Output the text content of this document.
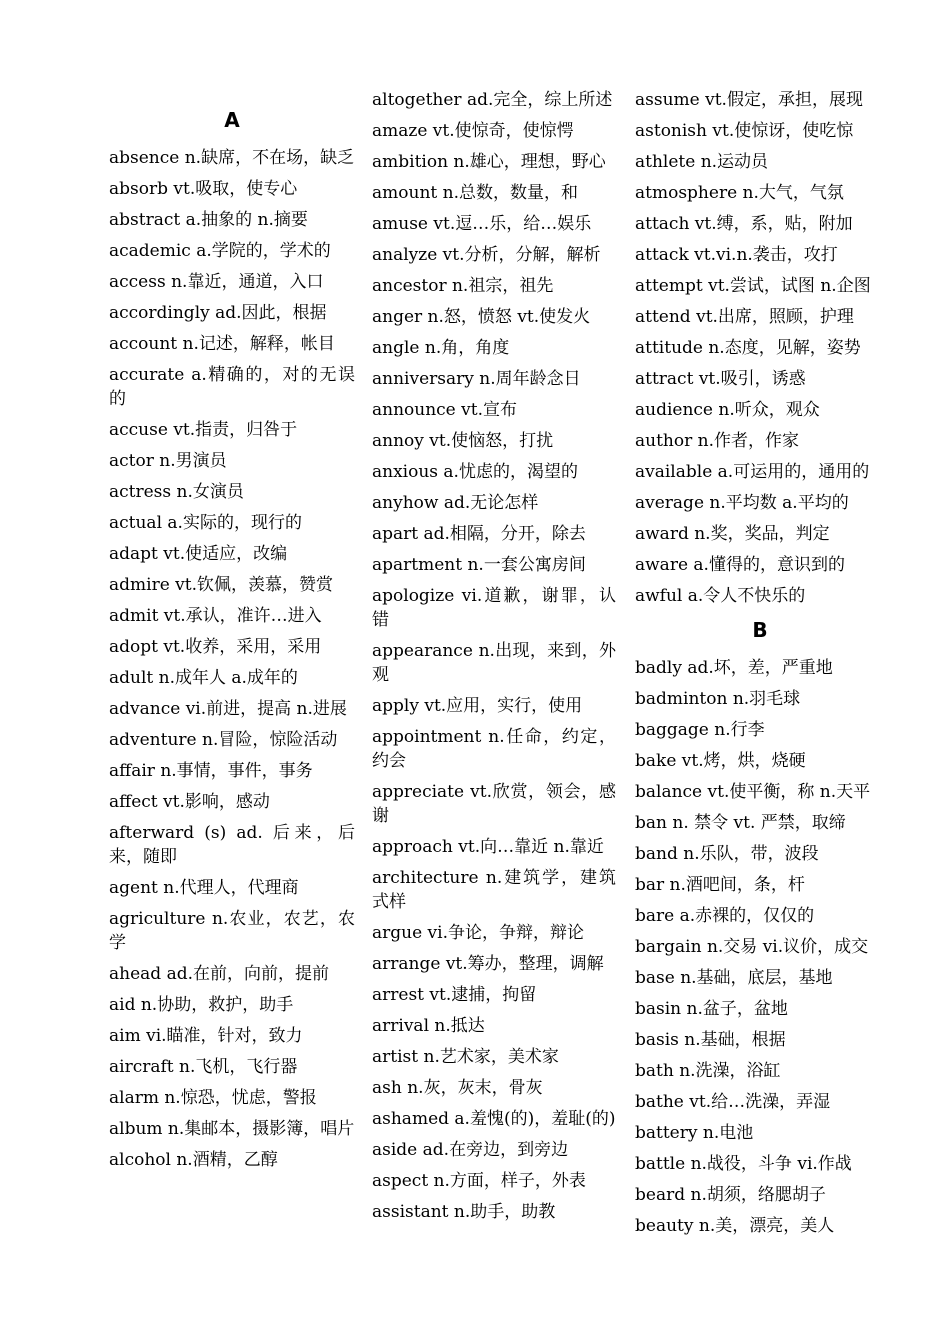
A
absence n.缺席，不在场，缺乏
absorb vt.吸取，使专心
abstract a.抽象的 n.摘要
academic a.学院的，学术的
access n.靠近，通道，入口
accordingly ad.因此，根据
account n.记述，解释，帐目
accurate a.精确的，对的无误的
accuse vt.指责，归咎于
actor n.男演员
actress n.女演员
actual a.实际的，现行的
adapt vt.使适应，改编
admire vt.钦佩，羡慕，赞赏
admit vt.承认，准许…进入
adopt vt.收养，采用，采用
adult n.成年人 a.成年的
advance vi.前进，提高 n.进展
adventure n.冒险，惊险活动
affair n.事情，事件，事务
affect vt.影响，感动
afterward (s) ad. 后来，后来，随即
agent n.代理人，代理商
agriculture n.农业，农艺，农学
ahead ad.在前，向前，提前
aid n.协助，救护，助手
aim vi.瞄准，针对，致力
aircraft n.飞机，飞行器
alarm n.惊恐，忧虑，警报
album n.集邮本，摄影簿，唱片
alcohol n.酒精，乙醇
altogether ad.完全，综上所述
amaze vt.使惊奇，使惊愕
ambition n.雄心，理想，野心
amount n.总数，数量，和
amuse vt.逗…乐，给…娱乐
analyze vt.分析，分解，解析
ancestor n.祖宗，祖先
anger n.怒，愤怒 vt.使发火
angle n.角，角度
anniversary n.周年龄念日
announce vt.宣布
annoy vt.使恼怒，打扰
anxious a.忧虑的，渴望的
anyhow ad.无论怎样
apart ad.相隔，分开，除去
apartment n.一套公寓房间
apologize vi.道歉，谢罪，认错
appearance n.出现，来到，外观
apply vt.应用，实行，使用
appointment n.任命，约定，约会
appreciate vt.欣赏，领会，感谢
approach vt.向…靠近 n.靠近
architecture n.建筑学，建筑式样
argue vi.争论，争辩，辩论
arrange vt.筹办，整理，调解
arrest vt.逮捕，拘留
arrival n.抵达
artist n.艺术家，美术家
ash n.灰，灰末，骨灰
ashamed a.羞愧(的)，羞耻(的)
aside ad.在旁边，到旁边
aspect n.方面，样子，外表
assistant n.助手，助教
assume vt.假定，承担，展现
astonish vt.使惊讶，使吃惊
athlete n.运动员
atmosphere n.大气，气氛
attach vt.缚，系，贴，附加
attack vt.vi.n.袭击，攻打
attempt vt.尝试，试图 n.企图
attend vt.出席，照顾，护理
attitude n.态度，见解，姿势
attract vt.吸引，诱惑
audience n.听众，观众
author n.作者，作家
available a.可运用的，通用的
average n.平均数 a.平均的
award n.奖，奖品，判定
aware a.懂得的，意识到的
awful a.令人不快乐的
B
badly ad.坏，差，严重地
badminton n.羽毛球
baggage n.行李
bake vt.烤，烘，烧硬
balance vt.使平衡，称 n.天平
ban n. 禁令 vt. 严禁，取缔
band n.乐队，带，波段
bar n.酒吧间，条，杆
bare a.赤裸的，仅仅的
bargain n.交易 vi.议价，成交
base n.基础，底层，基地
basin n.盆子，盆地
basis n.基础，根据
bath n.洗澡，浴缸
bathe vt.给…洗澡，弄湿
battery n.电池
battle n.战役，斗争 vi.作战
beard n.胡须，络腮胡子
beauty n.美，漂亮，美人
